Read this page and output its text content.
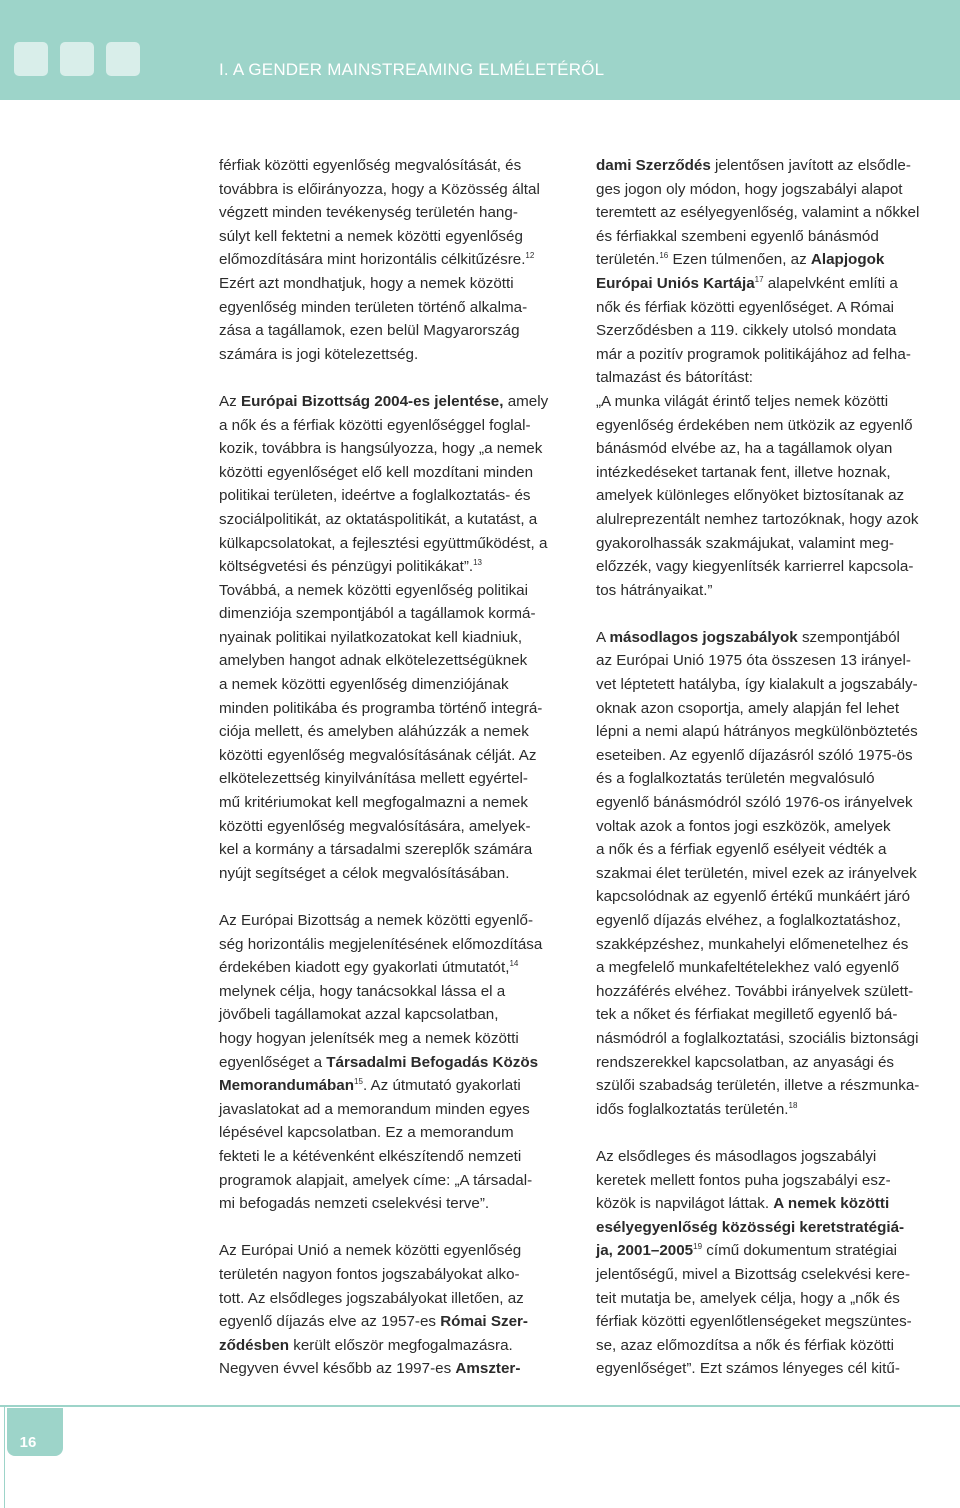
I. A GENDER MAINSTREAMING ELMÉLETÉRŐL
férfiak közötti egyenlőség megvalósítását, és
továbbra is előirányozza, hogy a Közösség által
végzett minden tevékenység területén hang-
súlyt kell fektetni a nemek közötti egyenlőség
előmozdítására mint horizontális célkitűzésre.$^{12}$
Ezért azt mondhatjuk, hogy a nemek közötti
egyenlőség minden területen történő alkalma-
zása a tagállamok, ezen belül Magyarország
számára is jogi kötelezettség.
Az Európai Bizottság 2004-es jelentése, amely
a nők és a férfiak közötti egyenlőséggel foglal-
kozik, továbbra is hangsúlyozza, hogy „a nemek
közötti egyenlőséget elő kell mozdítani minden
politikai területen, ideértve a foglalkoztatás- és
szociálpolitikát, az oktatáspolitikát, a kutatást, a
külkapcsolatokat, a fejlesztési együttműködést, a
költségvetési és pénzügyi politikákat”.$^{13}$
Továbbá, a nemek közötti egyenlőség politikai
dimenziója szempontjából a tagállamok kormá-
nyainak politikai nyilatkozatokat kell kiadniuk,
amelyben hangot adnak elkötelezettségüknek
a nemek közötti egyenlőség dimenziójának
minden politikába és programba történő integrá-
ciója mellett, és amelyben aláhúzzák a nemek
közötti egyenlőség megvalósításának célját. Az
elkötelezettség kinyilvánítása mellett egyértel-
mű kritériumokat kell megfogalmazni a nemek
közötti egyenlőség megvalósítására, amelyek-
kel a kormány a társadalmi szereplők számára
nyújt segítséget a célok megvalósításában.
Az Európai Bizottság a nemek közötti egyenlő-
ség horizontális megjelenítésének előmozdítása
érdekében kiadott egy gyakorlati útmutatót,$^{14}$
melynek célja, hogy tanácsokkal lássa el a
jövőbeli tagállamokat azzal kapcsolatban,
hogy hogyan jelenítsék meg a nemek közötti
egyenlőséget a Társadalmi Befogadás Közös
Memorandumában$^{15}$. Az útmutató gyakorlati
javaslatokat ad a memorandum minden egyes
lépésével kapcsolatban. Ez a memorandum
fekteti le a kétévenként elkészítendő nemzeti
programok alapjait, amelyek címe: „A társadal-
mi befogadás nemzeti cselekvési terve”.
Az Európai Unió a nemek közötti egyenlőség
területén nagyon fontos jogszabályokat alko-
tott. Az elsődleges jogszabályokat illetően, az
egyenlő díjazás elve az 1957-es Római Szer-
ződésben került először megfogalmazásra.
Negyven évvel később az 1997-es Amszter-
dami Szerződés jelentősen javított az elsődle-
ges jogon oly módon, hogy jogszabályi alapot
teremtett az esélyegyenlőség, valamint a nőkkel
és férfiakkal szembeni egyenlő bánásmód
területén.$^{16}$ Ezen túlmenően, az Alapjogok
Európai Uniós Kartája$^{17}$ alapelvként említi a
nők és férfiak közötti egyenlőséget. A Római
Szerződésben a 119. cikkely utolsó mondata
már a pozitív programok politikájához ad felha-
talmazást és bátorítást:
„A munka világát érintő teljes nemek közötti
egyenlőség érdekében nem ütközik az egyenlő
bánásmód elvébe az, ha a tagállamok olyan
intézkedéseket tartanak fent, illetve hoznak,
amelyek különleges előnyöket biztosítanak az
alulreprezentált nemhez tartozóknak, hogy azok
gyakorolhassák szakmájukat, valamint meg-
előzzék, vagy kiegyenlítsék karrierrel kapcsola-
tos hátrányaikat.”
A másodlagos jogszabályok szempontjából
az Európai Unió 1975 óta összesen 13 irányel-
vet léptetett hatályba, így kialakult a jogszabály-
oknak azon csoportja, amely alapján fel lehet
lépni a nemi alapú hátrányos megkülönböztetés
eseteiben. Az egyenlő díjazásról szóló 1975-ös
és a foglalkoztatás területén megvalósuló
egyenlő bánásmódról szóló 1976-os irányelvek
voltak azok a fontos jogi eszközök, amelyek
a nők és a férfiak egyenlő esélyeit védték a
szakmai élet területén, mivel ezek az irányelvek
kapcsolódnak az egyenlő értékű munkáért járó
egyenlő díjazás elvéhez, a foglalkoztatáshoz,
szakképzéshez, munkahelyi előmenetelhez és
a megfelelő munkafeltételekhez való egyenlő
hozzáférés elvéhez. További irányelvek születt-
tek a nőket és férfiakat megillető egyenlő bá-
násmódról a foglalkoztatási, szociális biztonsági
rendszerekkel kapcsolatban, az anyasági és
szülői szabadság területén, illetve a részmunka-
idős foglalkoztatás területén.$^{18}$
Az elsődleges és másodlagos jogszabályi
keretek mellett fontos puha jogszabályi esz-
közök is napvilágot láttak. A nemek közötti
esélyegyenlőség közösségi keretstratégiá-
ja, 2001–2005$^{19}$ című dokumentum stratégiai
jelentőségű, mivel a Bizottság cselekvési kere-
teit mutatja be, amelyek célja, hogy a „nők és
férfiak közötti egyenlőtlenségeket megszüntes-
se, azaz előmozdítsa a nők és férfiak közötti
egyenlőséget”. Ezt számos lényeges cél kitű-
16
